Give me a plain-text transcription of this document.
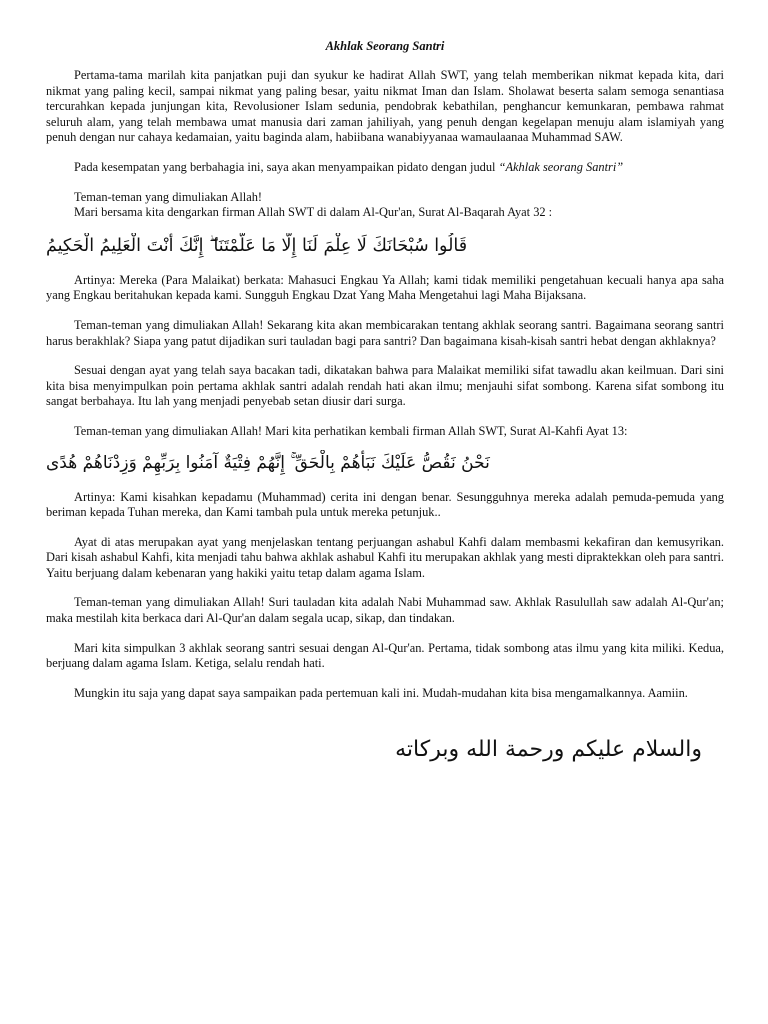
Akhlak Seorang Santri

Pertama-tama marilah kita panjatkan puji dan syukur ke hadirat Allah SWT, yang telah memberikan nikmat kepada kita, dari nikmat yang paling kecil, sampai nikmat yang paling besar, yaitu nikmat Iman dan Islam. Sholawat beserta salam semoga senantiasa tercurahkan kepada junjungan kita, Revolusioner Islam sedunia, pendobrak kebathilan, penghancur kemunkaran, pembawa rahmat seluruh alam, yang telah membawa umat manusia dari zaman jahiliyah, yang penuh dengan kegelapan menuju alam islamiyah yang penuh dengan nur cahaya kedamaian, yaitu baginda alam, habiibana wanabiyyanaa wamaulaanaa Muhammad SAW.

Pada kesempatan yang berbahagia ini, saya akan menyampaikan pidato dengan judul “Akhlak seorang Santri”

Teman-teman yang dimuliakan Allah!

Mari bersama kita dengarkan firman Allah SWT di dalam Al-Qur'an, Surat Al-Baqarah Ayat 32 :

قَالُوا سُبْحَانَكَ لَا عِلْمَ لَنَا إِلَّا مَا عَلَّمْتَنَا ۖ إِنَّكَ أَنْتَ الْعَلِيمُ الْحَكِيمُ

Artinya: Mereka (Para Malaikat) berkata: Mahasuci Engkau Ya Allah; kami tidak memiliki pengetahuan kecuali hanya apa saha yang Engkau beritahukan kepada kami. Sungguh Engkau Dzat Yang Maha Mengetahui lagi Maha Bijaksana.

Teman-teman yang dimuliakan Allah! Sekarang kita akan membicarakan tentang akhlak seorang santri. Bagaimana seorang santri harus berakhlak? Siapa yang patut dijadikan suri tauladan bagi para santri? Dan bagaimana kisah-kisah santri hebat dengan akhlaknya?

Sesuai dengan ayat yang telah saya bacakan tadi, dikatakan bahwa para Malaikat memiliki sifat tawadlu akan keilmuan. Dari sini kita bisa menyimpulkan poin pertama akhlak santri adalah rendah hati akan ilmu; menjauhi sifat sombong. Karena sifat sombong itu sangat berbahaya. Itu lah yang menjadi penyebab setan diusir dari surga.

Teman-teman yang dimuliakan Allah! Mari kita perhatikan kembali firman Allah SWT, Surat Al-Kahfi Ayat 13:

نَحْنُ نَقُصُّ عَلَيْكَ نَبَأَهُمْ بِالْحَقِّ ۚ إِنَّهُمْ فِتْيَةٌ آمَنُوا بِرَبِّهِمْ وَزِدْنَاهُمْ هُدًى

Artinya: Kami kisahkan kepadamu (Muhammad) cerita ini dengan benar. Sesungguhnya mereka adalah pemuda-pemuda yang beriman kepada Tuhan mereka, dan Kami tambah pula untuk mereka petunjuk..

Ayat di atas merupakan ayat yang menjelaskan tentang perjuangan ashabul Kahfi dalam membasmi kekafiran dan kemusyrikan. Dari kisah ashabul Kahfi, kita menjadi tahu bahwa akhlak ashabul Kahfi itu merupakan akhlak yang mesti dipraktekkan oleh para santri. Yaitu berjuang dalam kebenaran yang hakiki yaitu tetap dalam agama Islam.

Teman-teman yang dimuliakan Allah! Suri tauladan kita adalah Nabi Muhammad saw. Akhlak Rasulullah saw adalah Al-Qur'an; maka mestilah kita berkaca dari Al-Qur'an dalam segala ucap, sikap, dan tindakan.

Mari kita simpulkan 3 akhlak seorang santri sesuai dengan Al-Qur'an. Pertama, tidak sombong atas ilmu yang kita miliki. Kedua, berjuang dalam agama Islam. Ketiga, selalu rendah hati.

Mungkin itu saja yang dapat saya sampaikan pada pertemuan kali ini. Mudah-mudahan kita bisa mengamalkannya. Aamiin.

والسلام عليكم ورحمة الله وبركاته
